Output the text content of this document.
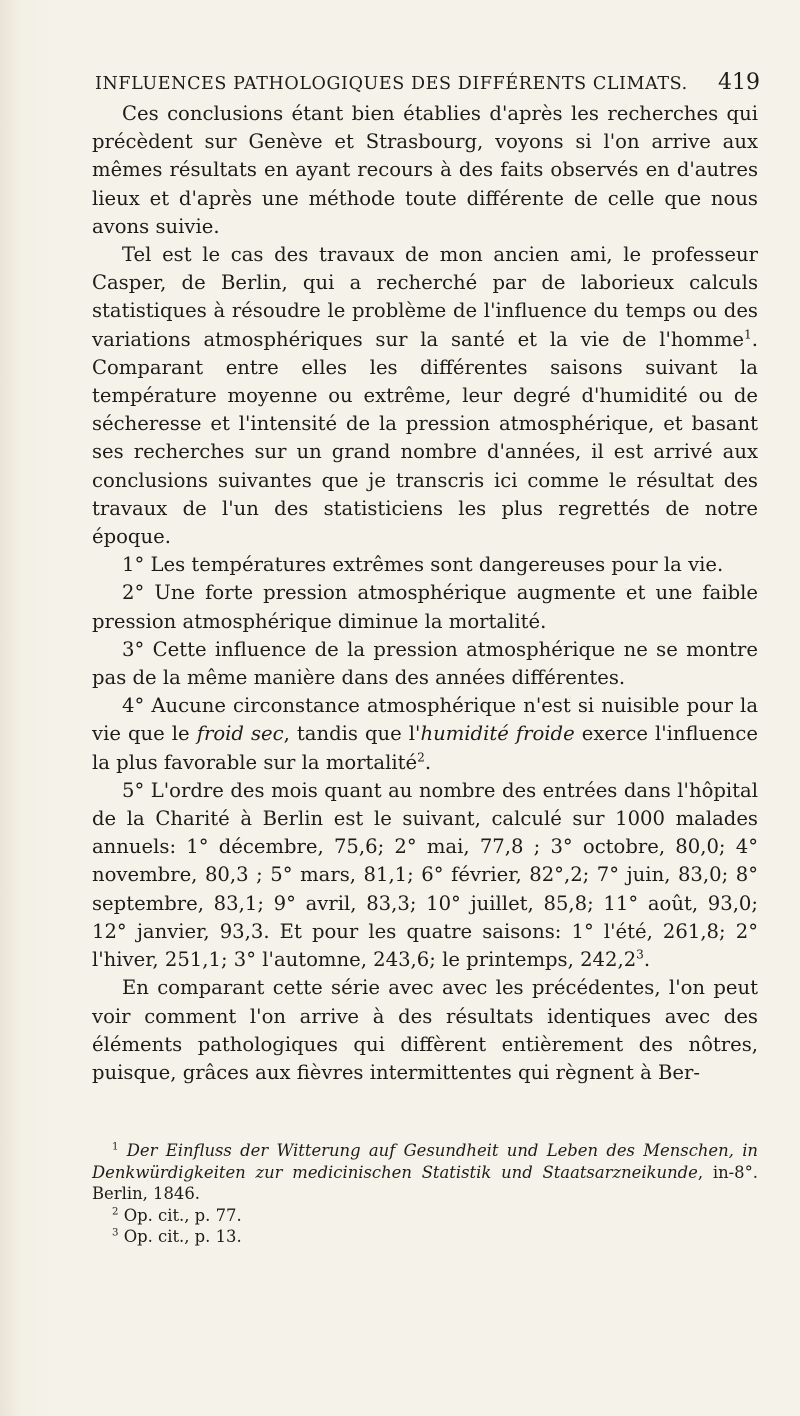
INFLUENCES PATHOLOGIQUES DES DIFFÉRENTS CLIMATS. 419

Ces conclusions étant bien établies d'après les recherches qui précèdent sur Genève et Strasbourg, voyons si l'on arrive aux mêmes résultats en ayant recours à des faits observés en d'autres lieux et d'après une méthode toute différente de celle que nous avons suivie.

Tel est le cas des travaux de mon ancien ami, le professeur Casper, de Berlin, qui a recherché par de laborieux calculs statistiques à résoudre le problème de l'influence du temps ou des variations atmosphériques sur la santé et la vie de l'homme$^1$. Comparant entre elles les différentes saisons suivant la température moyenne ou extrême, leur degré d'humidité ou de sécheresse et l'intensité de la pression atmosphérique, et basant ses recherches sur un grand nombre d'années, il est arrivé aux conclusions suivantes que je transcris ici comme le résultat des travaux de l'un des statisticiens les plus regrettés de notre époque.

1° Les températures extrêmes sont dangereuses pour la vie.

2° Une forte pression atmosphérique augmente et une faible pression atmosphérique diminue la mortalité.

3° Cette influence de la pression atmosphérique ne se montre pas de la même manière dans des années différentes.

4° Aucune circonstance atmosphérique n'est si nuisible pour la vie que le froid sec, tandis que l'humidité froide exerce l'influence la plus favorable sur la mortalité$^2$.

5° L'ordre des mois quant au nombre des entrées dans l'hôpital de la Charité à Berlin est le suivant, calculé sur 1000 malades annuels: 1° décembre, 75,6; 2° mai, 77,8 ; 3° octobre, 80,0; 4° novembre, 80,3 ; 5° mars, 81,1; 6° février, 82°,2; 7° juin, 83,0; 8° septembre, 83,1; 9° avril, 83,3; 10° juillet, 85,8; 11° août, 93,0; 12° janvier, 93,3. Et pour les quatre saisons: 1° l'été, 261,8; 2° l'hiver, 251,1; 3° l'automne, 243,6; le printemps, 242,2$^3$.

En comparant cette série avec avec les précédentes, l'on peut voir comment l'on arrive à des résultats identiques avec des éléments pathologiques qui diffèrent entièrement des nôtres, puisque, grâces aux fièvres intermittentes qui règnent à Ber-

$^1$ Der Einfluss der Witterung auf Gesundheit und Leben des Menschen, in Denkwürdigkeiten zur medicinischen Statistik und Staatsarzneikunde, in-8°. Berlin, 1846.

$^2$ Op. cit., p. 77.

$^3$ Op. cit., p. 13.
